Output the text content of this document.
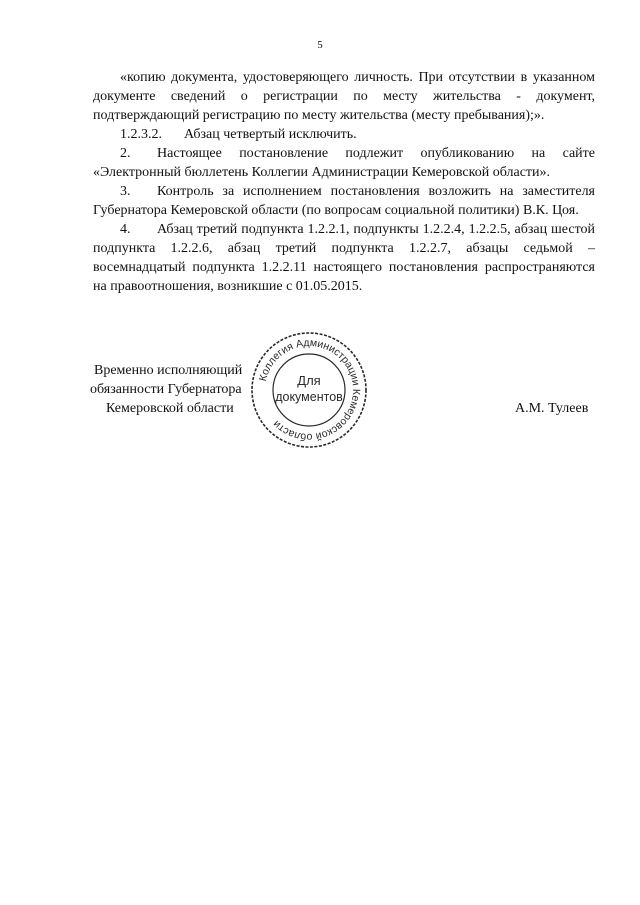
5

«копию документа, удостоверяющего личность. При отсутствии в указанном документе сведений о регистрации по месту жительства - документ, подтверждающий регистрацию по месту жительства (месту пребывания);».

1.2.3.2. Абзац четвертый исключить.

2. Настоящее постановление подлежит опубликованию на сайте «Электронный бюллетень Коллегии Администрации Кемеровской области».

3. Контроль за исполнением постановления возложить на заместителя Губернатора Кемеровской области (по вопросам социальной политики) В.К. Цоя.

4. Абзац третий подпункта 1.2.2.1, подпункты 1.2.2.4, 1.2.2.5, абзац шестой подпункта 1.2.2.6, абзац третий подпункта 1.2.2.7, абзацы седьмой – восемнадцатый подпункта 1.2.2.11 настоящего постановления распространяются на правоотношения, возникшие с 01.05.2015.

Временно исполняющий
обязанности Губернатора
Кемеровской области	А.М. Тулеев
Коллегия Администрации Кемеровской области
Для
документов
